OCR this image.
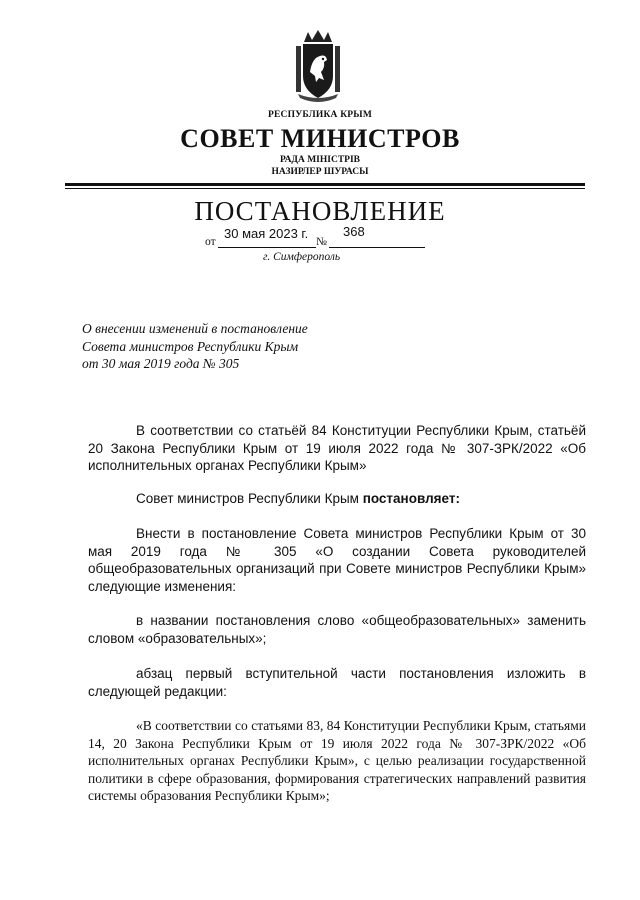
РЕСПУБЛИКА КРЫМ
СОВЕТ МИНИСТРОВ
РАДА МІНІСТРІВ
НАЗИРЛЕР ШУРАСЫ
ПОСТАНОВЛЕНИЕ
от
30 мая 2023 г.
№
368
г. Симферополь
О внесении изменений в постановление
Совета министров Республики Крым
от 30 мая 2019 года № 305
В соответствии со статьёй 84 Конституции Республики Крым, статьёй 20 Закона Республики Крым от 19 июля 2022 года № 307-ЗРК/2022 «Об исполнительных органах Республики Крым»
Совет министров Республики Крым постановляет:
Внести в постановление Совета министров Республики Крым от 30 мая 2019 года № 305 «О создании Совета руководителей общеобразовательных организаций при Совете министров Республики Крым» следующие изменения:
в названии постановления слово «общеобразовательных» заменить словом «образовательных»;
абзац первый вступительной части постановления изложить в следующей редакции:
«В соответствии со статьями 83, 84 Конституции Республики Крым, статьями 14, 20 Закона Республики Крым от 19 июля 2022 года № 307-ЗРК/2022 «Об исполнительных органах Республики Крым», с целью реализации государственной политики в сфере образования, формирования стратегических направлений развития системы образования Республики Крым»;
